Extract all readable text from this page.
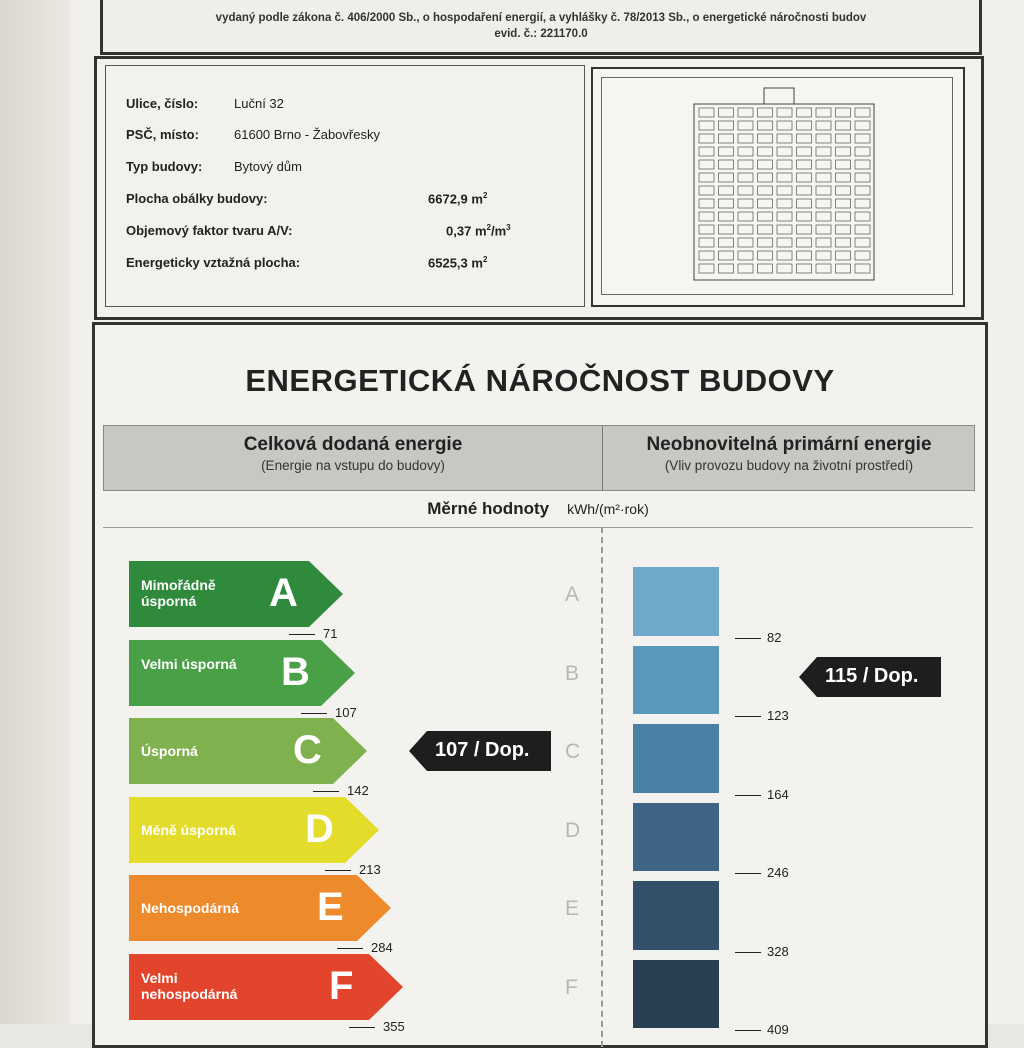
vydaný podle zákona č. 406/2000 Sb., o hospodaření energií, a vyhlášky č. 78/2013 Sb., o energetické náročnosti budov
evid. č.: 221170.0
Ulice, číslo:	Luční 32
PSČ, místo:	61600 Brno - Žabovřesky
Typ budovy: Bytový dům
Plocha obálky budovy:	6672,9 $m^2$
Objemový faktor tvaru A/V:	0,37 $m^2/m^3$
Energeticky vztažná plocha:	6525,3 $m^2$
ENERGETICKÁ NÁROČNOST BUDOVY
Celková dodaná energie
(Energie na vstupu do budovy)
Neobnovitelná primární energie
(Vliv provozu budovy na životní prostředí)
Měrné hodnoty kWh/(m²·rok)
Mimořádně úsporná	A
71
A
82
Velmi úsporná B
107
B
123
Úsporná	C
142
C
164
Méně úsporná	D
213
D
246
Nehospodárná	E
284
E
328
Velmi nehospodárná F
355
F
409
107 / Dop.
115 / Dop.
